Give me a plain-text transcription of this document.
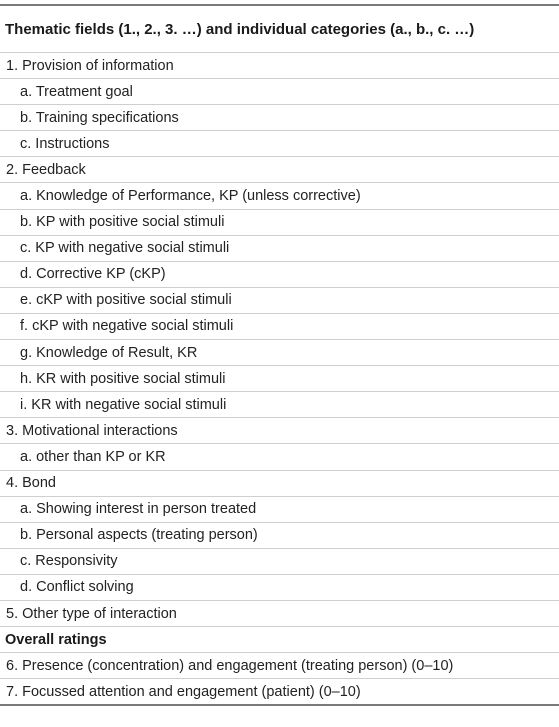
Thematic fields (1., 2., 3. …) and individual categories (a., b., c. …)
1. Provision of information
a. Treatment goal
b. Training specifications
c. Instructions
2. Feedback
a. Knowledge of Performance, KP (unless corrective)
b. KP with positive social stimuli
c. KP with negative social stimuli
d. Corrective KP (cKP)
e. cKP with positive social stimuli
f. cKP with negative social stimuli
g. Knowledge of Result, KR
h. KR with positive social stimuli
i. KR with negative social stimuli
3. Motivational interactions
a. other than KP or KR
4. Bond
a. Showing interest in person treated
b. Personal aspects (treating person)
c. Responsivity
d. Conflict solving
5. Other type of interaction
Overall ratings
6. Presence (concentration) and engagement (treating person) (0–10)
7. Focussed attention and engagement (patient) (0–10)
